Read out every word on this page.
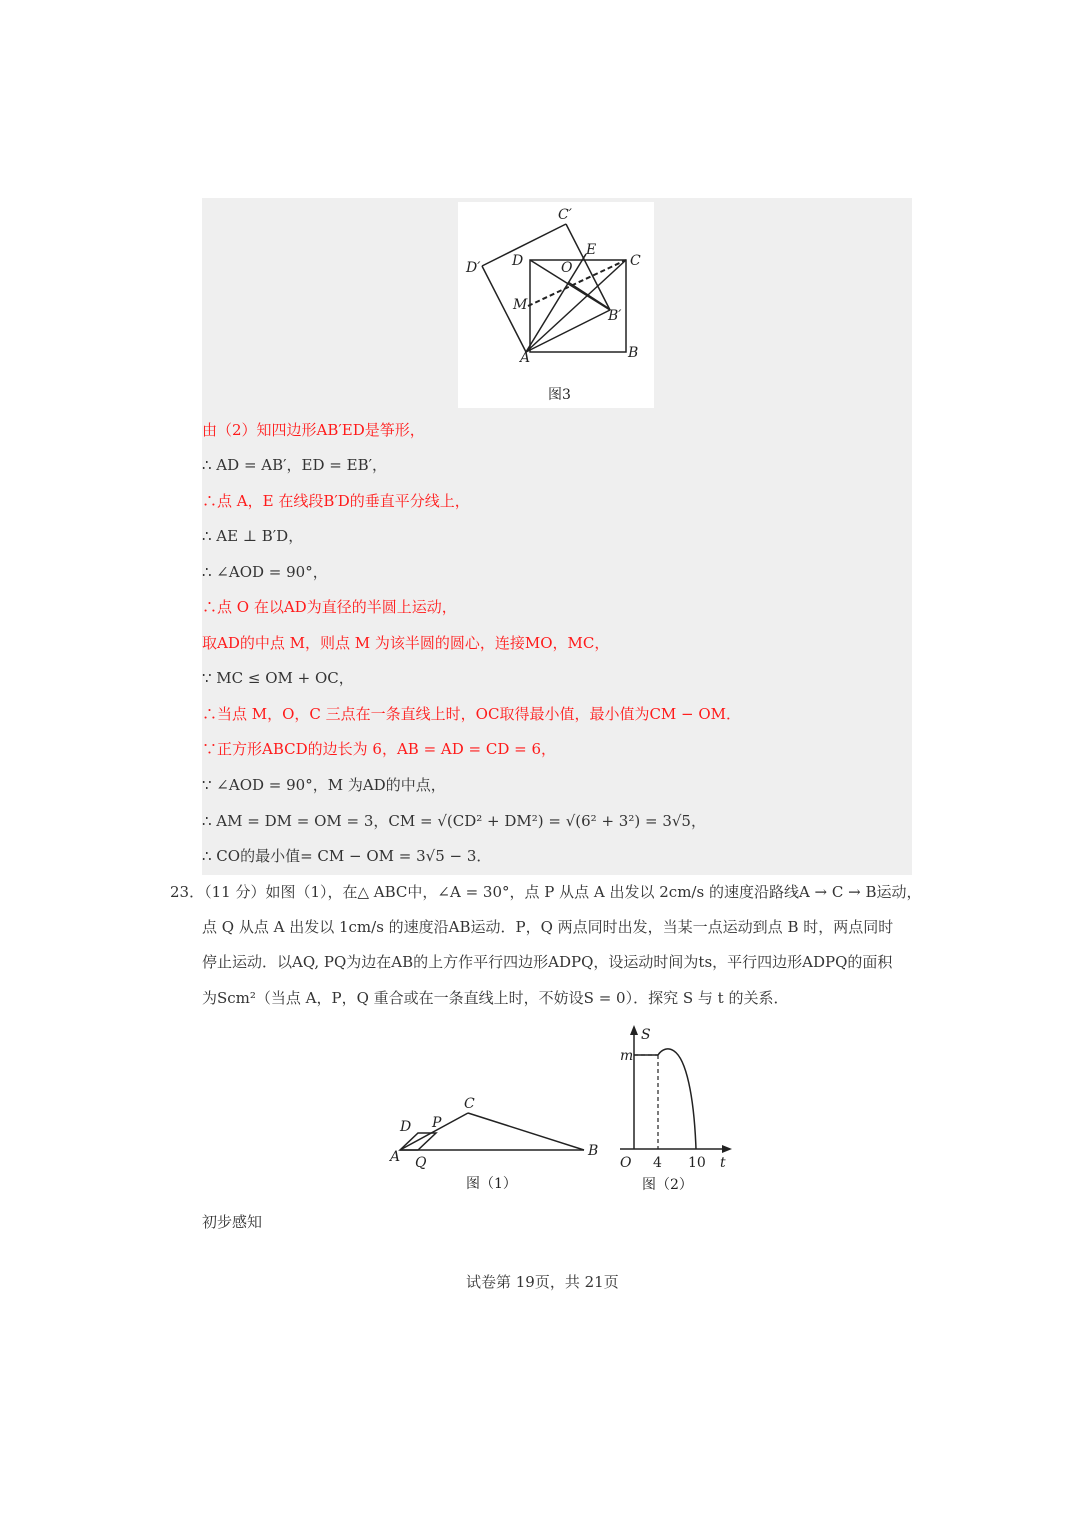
C′
E
C
D′ D	O
M
B′
A	B
图3
由（2）知四边形AB′ED是筝形，
∴ AD = AB′，ED = EB′，
∴点 A，E 在线段B′D的垂直平分线上，
∴ AE ⊥ B′D，
∴ ∠AOD = 90°，
∴点 O 在以AD为直径的半圆上运动，
取AD的中点 M，则点 M 为该半圆的圆心，连接MO，MC，
∵ MC ≤ OM + OC，
∴当点 M，O，C 三点在一条直线上时，OC取得最小值，最小值为CM − OM．
∵正方形ABCD的边长为 6，AB = AD = CD = 6，
∵ ∠AOD = 90°，M 为AD的中点，
∴ AM = DM = OM = 3，CM = √(CD² + DM²) = √(6² + 3²) = 3√5，
∴ CO的最小值= CM − OM = 3√5 − 3．
23．（11 分）如图（1），在△ ABC中，∠A = 30°，点 P 从点 A 出发以 2cm/s 的速度沿路线A → C → B运动，
点 Q 从点 A 出发以 1cm/s 的速度沿AB运动．P，Q 两点同时出发，当某一点运动到点 B 时，两点同时
停止运动．以AQ, PQ为边在AB的上方作平行四边形ADPQ，设运动时间为ts，平行四边形ADPQ的面积
为Scm²（当点 A，P，Q 重合或在一条直线上时，不妨设S = 0）．探究 S 与 t 的关系．
D P
C
A Q
B
图（1）
S
t
O
m
4 10
图（2）
初步感知
试卷第 19页，共 21页
